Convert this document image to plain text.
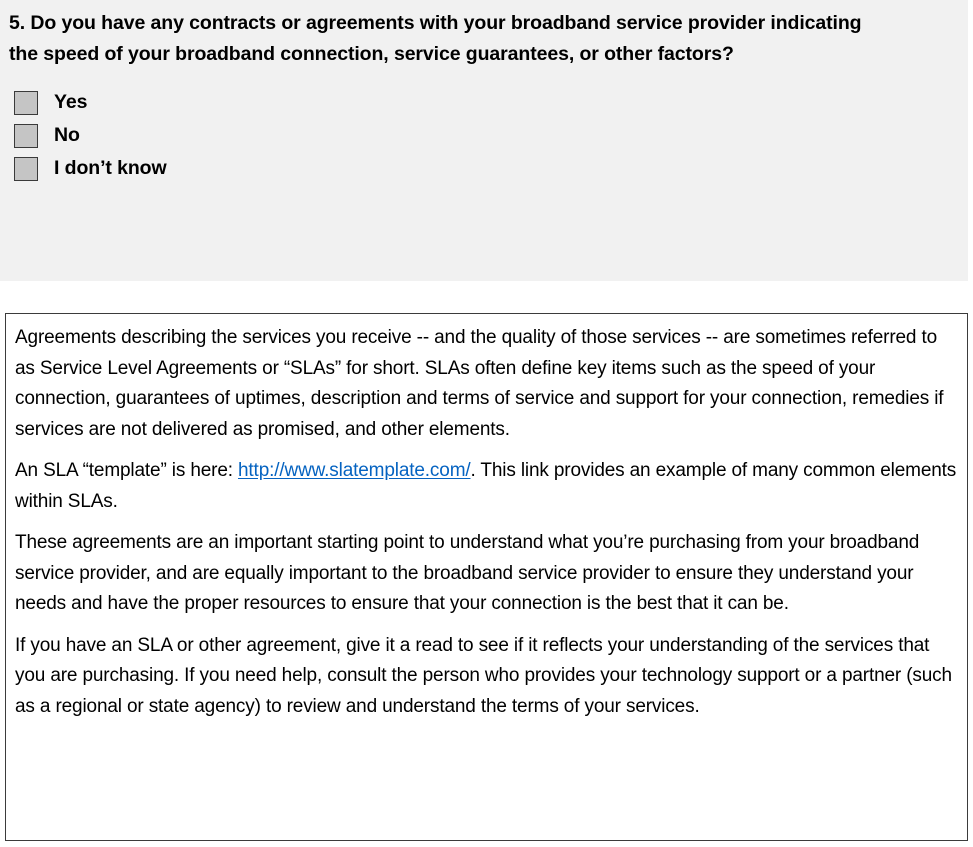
5. Do you have any contracts or agreements with your broadband service provider indicating the speed of your broadband connection, service guarantees, or other factors?

Yes
No
I don’t know

Agreements describing the services you receive -- and the quality of those services -- are sometimes referred to as Service Level Agreements or “SLAs” for short. SLAs often define key items such as the speed of your connection, guarantees of uptimes, description and terms of service and support for your connection, remedies if services are not delivered as promised, and other elements.

An SLA “template” is here: http://www.slatemplate.com/. This link provides an example of many common elements within SLAs.

These agreements are an important starting point to understand what you’re purchasing from your broadband service provider, and are equally important to the broadband service provider to ensure they understand your needs and have the proper resources to ensure that your connection is the best that it can be.

If you have an SLA or other agreement, give it a read to see if it reflects your understanding of the services that you are purchasing. If you need help, consult the person who provides your technology support or a partner (such as a regional or state agency) to review and understand the terms of your services.
